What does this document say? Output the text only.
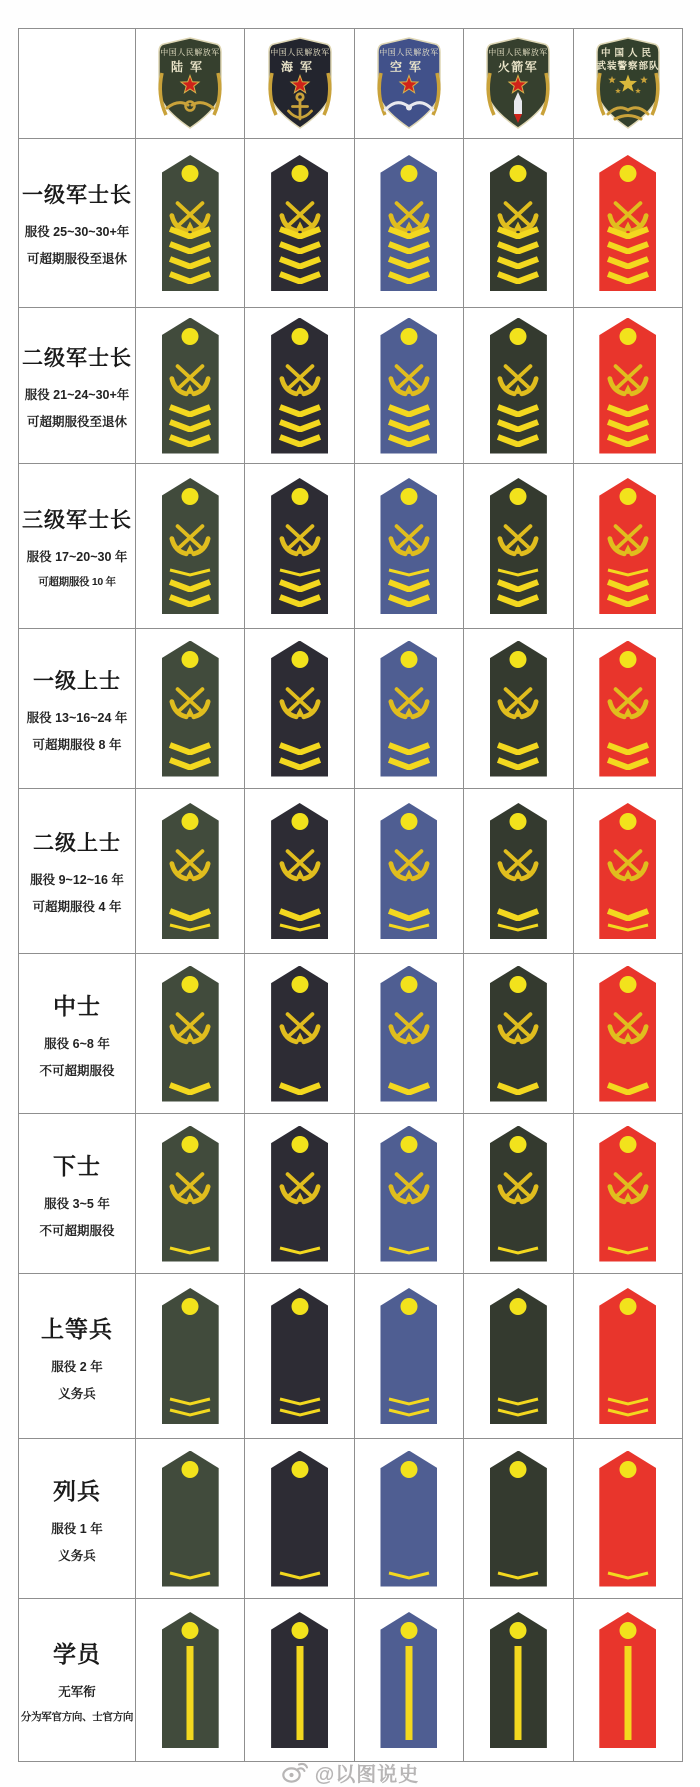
中国人民解放军
陆军
中国人民解放军
海军
中国人民解放军
空军
中国人民解放军
火箭军
中国人民
武装警察部队
一级军士长
服役 25~30~30+年
可超期服役至退休
二级军士长
服役 21~24~30+年
可超期服役至退休
三级军士长
服役 17~20~30 年
可超期服役 10 年
一级上士
服役 13~16~24 年
可超期服役 8 年
二级上士
服役 9~12~16 年
可超期服役 4 年
中士
服役 6~8 年
不可超期服役
下士
服役 3~5 年
不可超期服役
上等兵
服役 2 年
义务兵
列兵
服役 1 年
义务兵
学员
无军衔
分为军官方向、士官方向
@以图说史
